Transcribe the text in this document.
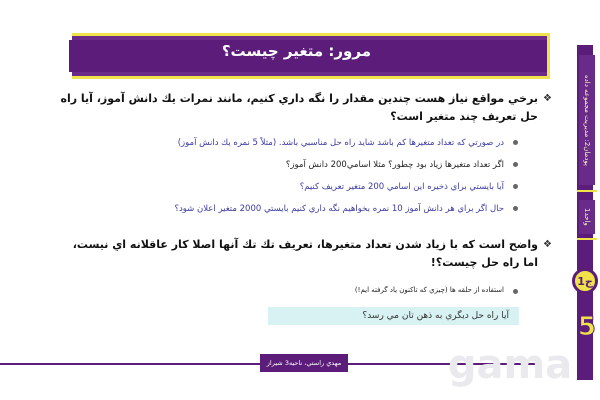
مرور: متغير چيست؟
پودمان2: مديريت مجموعه داده
واحد1
ج1
5
❖
برخي مواقع نياز هست چندين مقدار را نگه داري كنيم، مانند نمرات يك دانش آموز، آيا راه حل تعريف چند متغير است؟
در صورتي كه تعداد متغيرها كم باشد شايد راه حل مناسبي باشد. (مثلاً 5 نمره يك دانش آموز)
اگر تعداد متغيرها زياد بود چطور؟ مثلا اسامي200 دانش آموز؟
آيا بايستي براي ذخيره اين اسامي 200 متغير تعريف كنيم؟
حال اگر براي هر دانش آموز 10 نمره بخواهيم نگه داري كنيم بايستي 2000 متغير اعلان شود؟
❖
واضح است كه با زياد شدن تعداد متغيرها، تعريف تك تك آنها اصلا كار عاقلانه اي نيست، اما راه حل چيست؟!
استفاده از حلقه ها (چيزي كه تاكنون ياد گرفته ايم!)
آيا راه حل ديگري به ذهن تان مي رسد؟
مهدي راستي، ناحيه3 شيراز	gama
